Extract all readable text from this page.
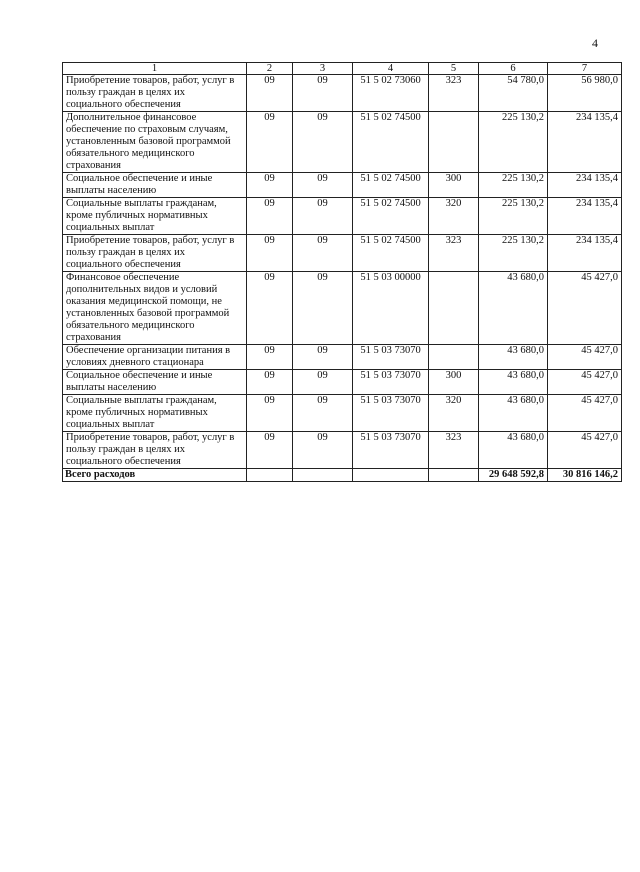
4
1	2	3	4	5	6	7
Приобретение товаров, работ, услуг в пользу граждан в целях их социального обеспечения	09	09	51 5 02 73060	323	54 780,0	56 980,0
Дополнительное финансовое обеспечение по страховым случаям, установленным базовой программой обязательного медицинского страхования	09	09	51 5 02 74500		225 130,2	234 135,4
Социальное обеспечение и иные выплаты населению	09	09	51 5 02 74500	300	225 130,2	234 135,4
Социальные выплаты гражданам, кроме публичных нормативных социальных выплат	09	09	51 5 02 74500	320	225 130,2	234 135,4
Приобретение товаров, работ, услуг в пользу граждан в целях их социального обеспечения	09	09	51 5 02 74500	323	225 130,2	234 135,4
Финансовое обеспечение дополнительных видов и условий оказания медицинской помощи, не установленных базовой программой обязательного медицинского страхования	09	09	51 5 03 00000		43 680,0	45 427,0
Обеспечение организации питания в условиях дневного стационара	09	09	51 5 03 73070		43 680,0	45 427,0
Социальное обеспечение и иные выплаты населению	09	09	51 5 03 73070	300	43 680,0	45 427,0
Социальные выплаты гражданам, кроме публичных нормативных социальных выплат	09	09	51 5 03 73070	320	43 680,0	45 427,0
Приобретение товаров, работ, услуг в пользу граждан в целях их социального обеспечения	09	09	51 5 03 73070	323	43 680,0	45 427,0
Всего расходов					29 648 592,8	30 816 146,2
